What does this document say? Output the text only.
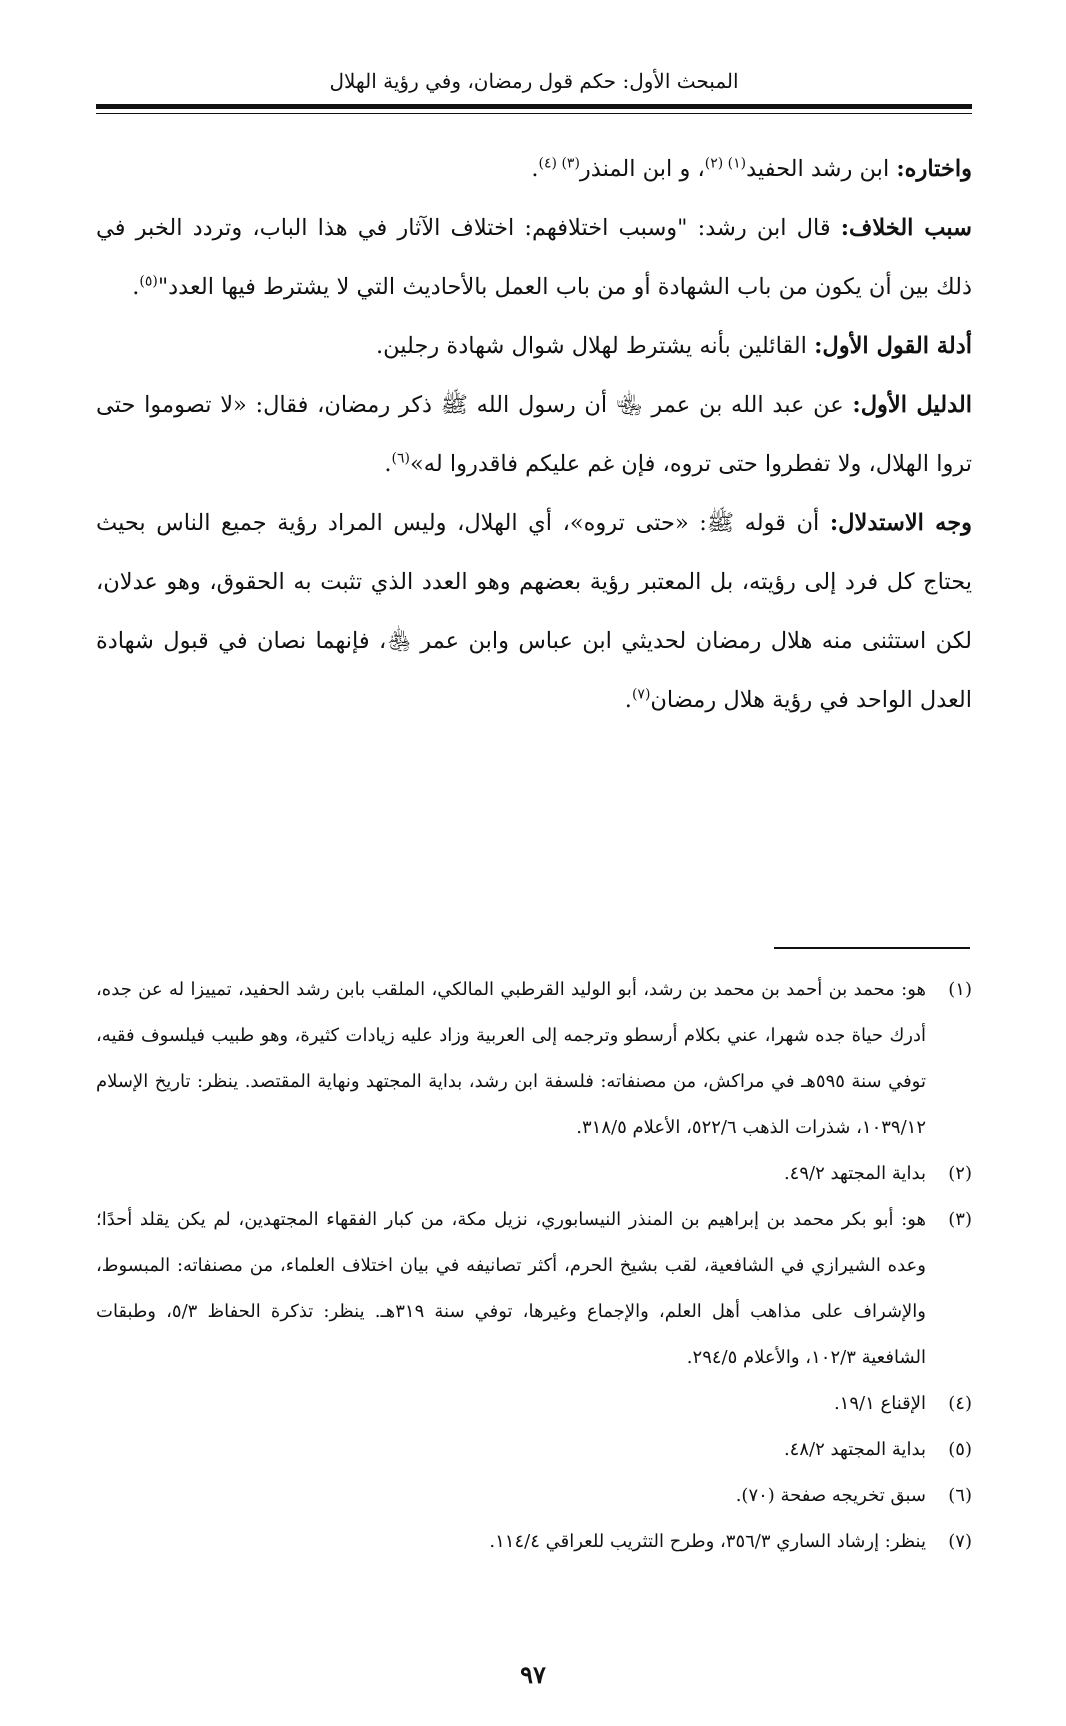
المبحث الأول: حكم قول رمضان، وفي رؤية الهلال

واختاره: ابن رشد الحفيد$^{(١) (٢)}$، و ابن المنذر$^{(٣) (٤)}$.

سبب الخلاف: قال ابن رشد: "وسبب اختلافهم: اختلاف الآثار في هذا الباب، وتردد الخبر في ذلك بين أن يكون من باب الشهادة أو من باب العمل بالأحاديث التي لا يشترط فيها العدد"$^{(٥)}$.

أدلة القول الأول: القائلين بأنه يشترط لهلال شوال شهادة رجلين.

الدليل الأول: عن عبد الله بن عمر ﵄ أن رسول الله ﷺ ذكر رمضان، فقال: «لا تصوموا حتى تروا الهلال، ولا تفطروا حتى تروه، فإن غم عليكم فاقدروا له»$^{(٦)}$.

وجه الاستدلال: أن قوله ﷺ: «حتى تروه»، أي الهلال، وليس المراد رؤية جميع الناس بحيث يحتاج كل فرد إلى رؤيته، بل المعتبر رؤية بعضهم وهو العدد الذي تثبت به الحقوق، وهو عدلان، لكن استثنى منه هلال رمضان لحديثي ابن عباس وابن عمر ﵃، فإنهما نصان في قبول شهادة العدل الواحد في رؤية هلال رمضان$^{(٧)}$.

(١)
هو: محمد بن أحمد بن محمد بن رشد، أبو الوليد القرطبي المالكي، الملقب بابن رشد الحفيد، تمييزا له عن جده، أدرك حياة جده شهرا، عني بكلام أرسطو وترجمه إلى العربية وزاد عليه زيادات كثيرة، وهو طبيب فيلسوف فقيه، توفي سنة ٥٩٥هـ في مراكش، من مصنفاته: فلسفة ابن رشد، بداية المجتهد ونهاية المقتصد. ينظر: تاريخ الإسلام ١٠٣٩/١٢، شذرات الذهب ٥٢٢/٦، الأعلام ٣١٨/٥.
(٢)
بداية المجتهد ٤٩/٢.
(٣)
هو: أبو بكر محمد بن إبراهيم بن المنذر النيسابوري، نزيل مكة، من كبار الفقهاء المجتهدين، لم يكن يقلد أحدًا؛ وعده الشيرازي في الشافعية، لقب بشيخ الحرم، أكثر تصانيفه في بيان اختلاف العلماء، من مصنفاته: المبسوط، والإشراف على مذاهب أهل العلم، والإجماع وغيرها، توفي سنة ٣١٩هـ. ينظر: تذكرة الحفاظ ٥/٣، وطبقات الشافعية ١٠٢/٣، والأعلام ٢٩٤/٥.
(٤)
الإقناع ١٩/١.
(٥)
بداية المجتهد ٤٨/٢.
(٦)
سبق تخريجه صفحة (٧٠).
(٧)
ينظر: إرشاد الساري ٣٥٦/٣، وطرح التثريب للعراقي ١١٤/٤.
٩٧
